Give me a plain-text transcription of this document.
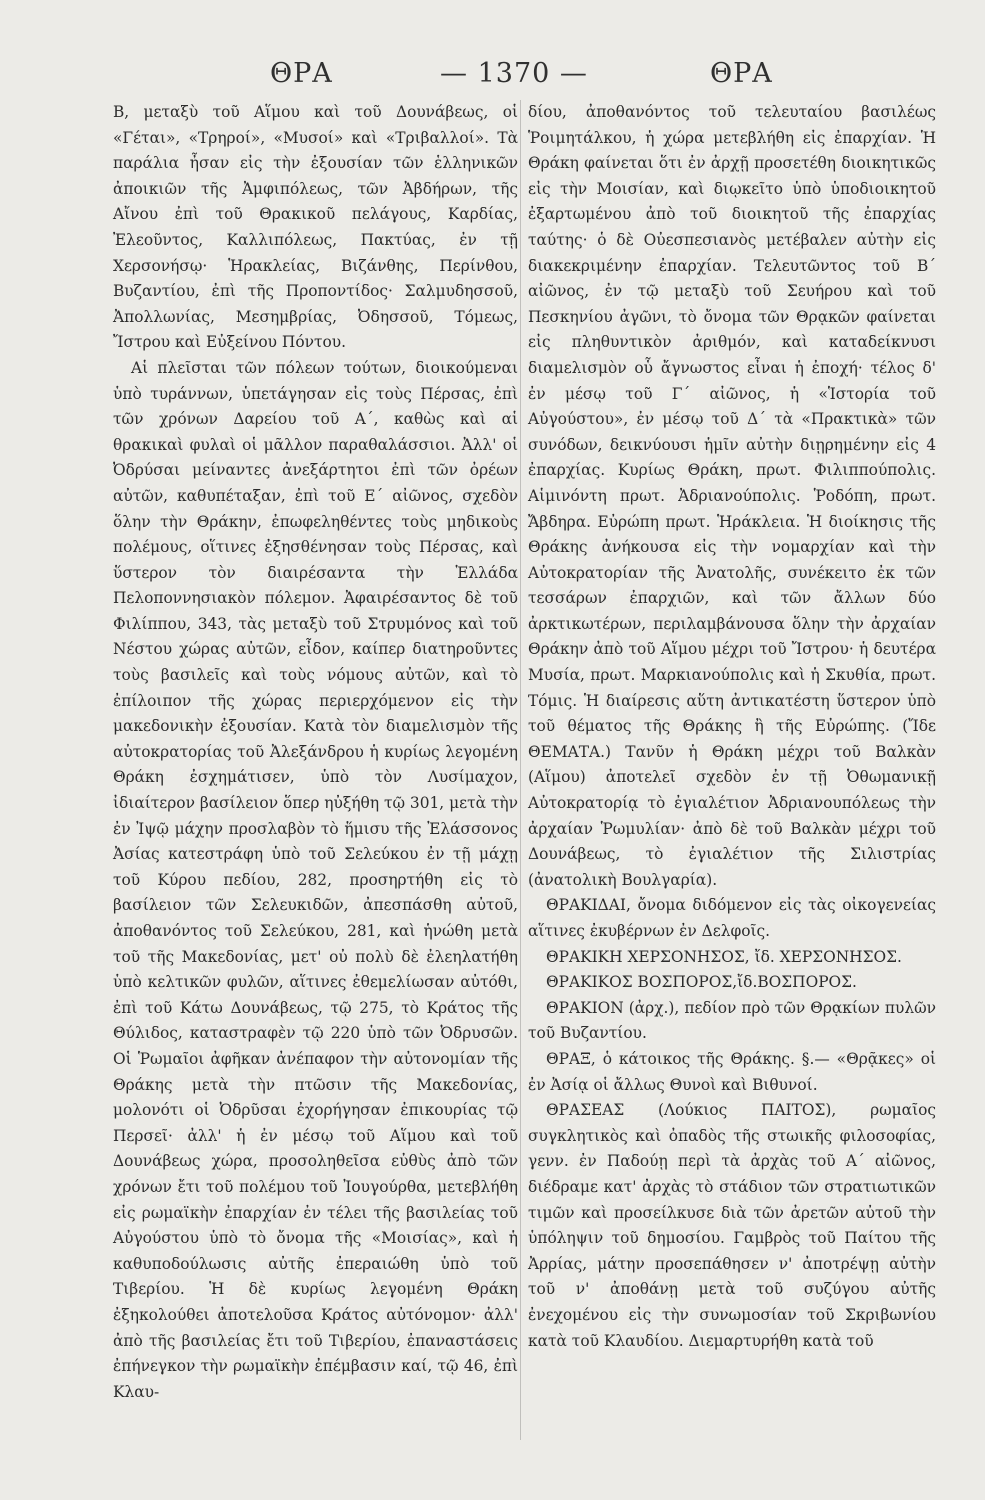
ΘΡΑ	— 1370 —	ΘΡΑ

Β, μεταξὺ τοῦ Αἵμου καὶ τοῦ Δουνάβεως, οἱ «Γέται», «Τρηροί», «Μυσοί» καὶ «Τριβαλλοί». Τὰ παράλια ἦσαν εἰς τὴν ἐξουσίαν τῶν ἑλληνικῶν ἀποικιῶν τῆς Ἀμφιπόλεως, τῶν Ἀβδήρων, τῆς Αἴνου ἐπὶ τοῦ Θρακικοῦ πελάγους, Καρδίας, Ἐλεοῦντος, Καλλιπόλεως, Πακτύας, ἐν τῇ Χερσονήσῳ· Ἡρακλείας, Βιζάνθης, Περίνθου, Βυζαντίου, ἐπὶ τῆς Προποντίδος· Σαλμυδησσοῦ, Ἀπολλωνίας, Μεσημβρίας, Ὀδησσοῦ, Τόμεως, Ἴστρου καὶ Εὐξείνου Πόντου.

Αἱ πλεῖσται τῶν πόλεων τούτων, διοικούμεναι ὑπὸ τυράννων, ὑπετάγησαν εἰς τοὺς Πέρσας, ἐπὶ τῶν χρόνων Δαρείου τοῦ Α΄, καθὼς καὶ αἱ θρακικαὶ φυλαὶ οἱ μᾶλλον παραθαλάσσιοι. Ἀλλ' οἱ Ὀδρύσαι μείναντες ἀνεξάρτητοι ἐπὶ τῶν ὀρέων αὐτῶν, καθυπέταξαν, ἐπὶ τοῦ Ε΄ αἰῶνος, σχεδὸν ὅλην τὴν Θράκην, ἐπωφεληθέντες τοὺς μηδικοὺς πολέμους, οἵτινες ἐξησθένησαν τοὺς Πέρσας, καὶ ὕστερον τὸν διαιρέσαντα τὴν Ἑλλάδα Πελοποννησιακὸν πόλεμον. Ἀφαιρέσαντος δὲ τοῦ Φιλίππου, 343, τὰς μεταξὺ τοῦ Στρυμόνος καὶ τοῦ Νέστου χώρας αὐτῶν, εἶδον, καίπερ διατηροῦντες τοὺς βασιλεῖς καὶ τοὺς νόμους αὐτῶν, καὶ τὸ ἐπίλοιπον τῆς χώρας περιερχόμενον εἰς τὴν μακεδονικὴν ἐξουσίαν. Κατὰ τὸν διαμελισμὸν τῆς αὐτοκρατορίας τοῦ Ἀλεξάνδρου ἡ κυρίως λεγομένη Θράκη ἐσχημάτισεν, ὑπὸ τὸν Λυσίμαχον, ἰδιαίτερον βασίλειον ὅπερ ηὐξήθη τῷ 301, μετὰ τὴν ἐν Ἰψῷ μάχην προσλαβὸν τὸ ἥμισυ τῆς Ἐλάσσονος Ἀσίας κατεστράφη ὑπὸ τοῦ Σελεύκου ἐν τῇ μάχῃ τοῦ Κύρου πεδίου, 282, προσηρτήθη εἰς τὸ βασίλειον τῶν Σελευκιδῶν, ἀπεσπάσθη αὐτοῦ, ἀποθανόντος τοῦ Σελεύκου, 281, καὶ ἡνώθη μετὰ τοῦ τῆς Μακεδονίας, μετ' οὐ πολὺ δὲ ἐλεηλατήθη ὑπὸ κελτικῶν φυλῶν, αἵτινες ἐθεμελίωσαν αὐτόθι, ἐπὶ τοῦ Κάτω Δουνάβεως, τῷ 275, τὸ Κράτος τῆς Θύλιδος, καταστραφὲν τῷ 220 ὑπὸ τῶν Ὀδρυσῶν. Οἱ Ῥωμαῖοι ἀφῆκαν ἀνέπαφον τὴν αὐτονομίαν τῆς Θράκης μετὰ τὴν πτῶσιν τῆς Μακεδονίας, μολονότι οἱ Ὀδρῦσαι ἐχορήγησαν ἐπικουρίας τῷ Περσεῖ· ἀλλ' ἡ ἐν μέσῳ τοῦ Αἵμου καὶ τοῦ Δουνάβεως χώρα, προσοληθεῖσα εὐθὺς ἀπὸ τῶν χρόνων ἔτι τοῦ πολέμου τοῦ Ἰουγούρθα, μετεβλήθη εἰς ρωμαϊκὴν ἐπαρχίαν ἐν τέλει τῆς βασιλείας τοῦ Αὐγούστου ὑπὸ τὸ ὄνομα τῆς «Μοισίας», καὶ ἡ καθυποδούλωσις αὐτῆς ἐπεραιώθη ὑπὸ τοῦ Τιβερίου. Ἡ δὲ κυρίως λεγομένη Θράκη ἐξηκολούθει ἀποτελοῦσα Κράτος αὐτόνομον· ἀλλ' ἀπὸ τῆς βασιλείας ἔτι τοῦ Τιβερίου, ἐπαναστάσεις ἐπήνεγκον τὴν ρωμαϊκὴν ἐπέμβασιν καί, τῷ 46, ἐπὶ Κλαυ-

δίου, ἀποθανόντος τοῦ τελευταίου βασιλέως Ῥοιμητάλκου, ἡ χώρα μετεβλήθη εἰς ἐπαρχίαν. Ἡ Θράκη φαίνεται ὅτι ἐν ἀρχῇ προσετέθη διοικητικῶς εἰς τὴν Μοισίαν, καὶ διῳκεῖτο ὑπὸ ὑποδιοικητοῦ ἐξαρτωμένου ἀπὸ τοῦ διοικητοῦ τῆς ἐπαρχίας ταύτης· ὁ δὲ Οὐεσπεσιανὸς μετέβαλεν αὐτὴν εἰς διακεκριμένην ἐπαρχίαν. Τελευτῶντος τοῦ Β΄ αἰῶνος, ἐν τῷ μεταξὺ τοῦ Σευήρου καὶ τοῦ Πεσκηνίου ἀγῶνι, τὸ ὄνομα τῶν Θρᾳκῶν φαίνεται εἰς πληθυντικὸν ἀριθμόν, καὶ καταδείκνυσι διαμελισμὸν οὗ ἄγνωστος εἶναι ἡ ἐποχή· τέλος δ' ἐν μέσῳ τοῦ Γ΄ αἰῶνος, ἡ «Ἱστορία τοῦ Αὐγούστου», ἐν μέσῳ τοῦ Δ΄ τὰ «Πρακτικὰ» τῶν συνόδων, δεικνύουσι ἡμῖν αὐτὴν διῃρημένην εἰς 4 ἐπαρχίας. Κυρίως Θράκη, πρωτ. Φιλιππούπολις. Αἱμινόντη πρωτ. Ἀδριανούπολις. Ῥοδόπη, πρωτ. Ἄβδηρα. Εὐρώπη πρωτ. Ἡράκλεια. Ἡ διοίκησις τῆς Θράκης ἀνήκουσα εἰς τὴν νομαρχίαν καὶ τὴν Αὐτοκρατορίαν τῆς Ἀνατολῆς, συνέκειτο ἐκ τῶν τεσσάρων ἐπαρχιῶν, καὶ τῶν ἄλλων δύο ἀρκτικωτέρων, περιλαμβάνουσα ὅλην τὴν ἀρχαίαν Θράκην ἀπὸ τοῦ Αἵμου μέχρι τοῦ Ἴστρου· ἡ δευτέρα Μυσία, πρωτ. Μαρκιανούπολις καὶ ἡ Σκυθία, πρωτ. Τόμις. Ἡ διαίρεσις αὕτη ἀντικατέστη ὕστερον ὑπὸ τοῦ θέματος τῆς Θράκης ἢ τῆς Εὐρώπης. (Ἴδε ΘΕΜΑΤΑ.) Τανῦν ἡ Θράκη μέχρι τοῦ Βαλκὰν (Αἵμου) ἀποτελεῖ σχεδὸν ἐν τῇ Ὀθωμανικῇ Αὐτοκρατορίᾳ τὸ ἐγιαλέτιον Ἀδριανουπόλεως τὴν ἀρχαίαν Ῥωμυλίαν· ἀπὸ δὲ τοῦ Βαλκὰν μέχρι τοῦ Δουνάβεως, τὸ ἐγιαλέτιον τῆς Σιλιστρίας (ἀνατολικὴ Βουλγαρία).

ΘΡΑΚΙΔΑΙ, ὄνομα διδόμενον εἰς τὰς οἰκογενείας αἵτινες ἐκυβέρνων ἐν Δελφοῖς.

ΘΡΑΚΙΚΗ ΧΕΡΣΟΝΗΣΟΣ, ἴδ. ΧΕΡΣΟΝΗΣΟΣ.

ΘΡΑΚΙΚΟΣ ΒΟΣΠΟΡΟΣ,ἴδ.ΒΟΣΠΟΡΟΣ.

ΘΡΑΚΙΟΝ (ἀρχ.), πεδίον πρὸ τῶν Θρᾳκίων πυλῶν τοῦ Βυζαντίου.

ΘΡΑΞ, ὁ κάτοικος τῆς Θράκης. §.— «Θρᾷκες» οἱ ἐν Ἀσίᾳ οἱ ἄλλως Θυνοὶ καὶ Βιθυνοί.

ΘΡΑΣΕΑΣ (Λούκιος ΠΑΙΤΟΣ), ρωμαῖος συγκλητικὸς καὶ ὀπαδὸς τῆς στωικῆς φιλοσοφίας, γενν. ἐν Παδούῃ περὶ τὰ ἀρχὰς τοῦ Α΄ αἰῶνος, διέδραμε κατ' ἀρχὰς τὸ στάδιον τῶν στρατιωτικῶν τιμῶν καὶ προσείλκυσε διὰ τῶν ἀρετῶν αὐτοῦ τὴν ὑπόληψιν τοῦ δημοσίου. Γαμβρὸς τοῦ Παίτου τῆς Ἀρρίας, μάτην προσεπάθησεν ν' ἀποτρέψῃ αὐτὴν τοῦ ν' ἀποθάνῃ μετὰ τοῦ συζύγου αὐτῆς ἐνεχομένου εἰς τὴν συνωμοσίαν τοῦ Σκριβωνίου κατὰ τοῦ Κλαυδίου. Διεμαρτυρήθη κατὰ τοῦ
